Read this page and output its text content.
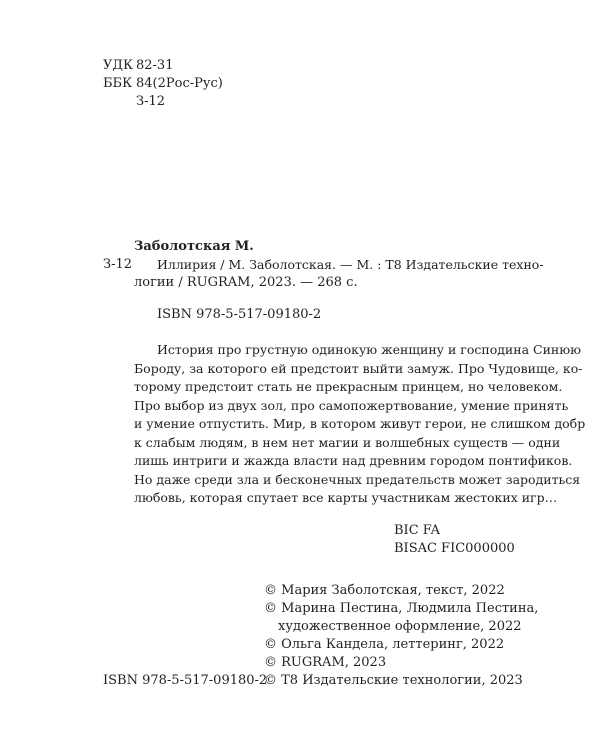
УДК 82-31
ББК 84(2Рос-Рус)
З-12
Заболотская М.
З-12 Иллирия / М. Заболотская. — М. : Т8 Издательские техно-
логии / RUGRAM, 2023. — 268 с.
ISBN 978-5-517-09180-2
История про грустную одинокую женщину и господина Синюю
Бороду, за которого ей предстоит выйти замуж. Про Чудовище, ко-
торому предстоит стать не прекрасным принцем, но человеком.
Про выбор из двух зол, про самопожертвование, умение принять
и умение отпустить. Мир, в котором живут герои, не слишком добр
к слабым людям, в нем нет магии и волшебных существ — одни
лишь интриги и жажда власти над древним городом понтификов.
Но даже среди зла и бесконечных предательств может зародиться
любовь, которая спутает все карты участникам жестоких игр…
BIC FA
BISAC FIC000000
© Мария Заболотская, текст, 2022
© Марина Пестина, Людмила Пестина,
художественное оформление, 2022
© Ольга Кандела, леттеринг, 2022
© RUGRAM, 2023
© Т8 Издательские технологии, 2023
ISBN 978-5-517-09180-2
